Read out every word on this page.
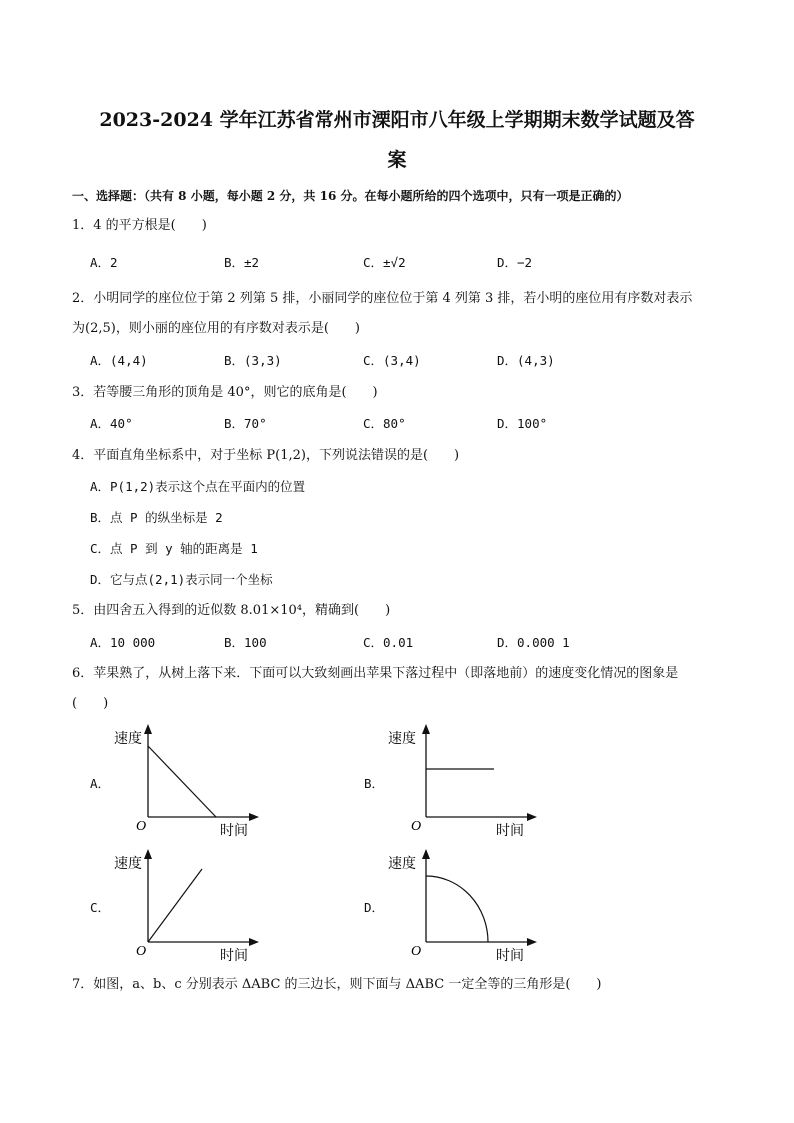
2023-2024 学年江苏省常州市溧阳市八年级上学期期末数学试题及答
案
一、选择题：（共有 8 小题，每小题 2 分，共 16 分。在每小题所给的四个选项中，只有一项是正确的）
1．4 的平方根是(　　)
A．2	B．±2	C．±√2	D．−2
2．小明同学的座位位于第 2 列第 5 排，小丽同学的座位位于第 4 列第 3 排，若小明的座位用有序数对表示
为(2,5)，则小丽的座位用的有序数对表示是(　　)
A．(4,4)	B．(3,3)	C．(3,4)	D．(4,3)
3．若等腰三角形的顶角是 40°，则它的底角是(　　)
A．40°	B．70°	C．80°	D．100°
4．平面直角坐标系中，对于坐标 P(1,2)，下列说法错误的是(　　)
A．P(1,2)表示这个点在平面内的位置
B．点 P 的纵坐标是 2
C．点 P 到 y 轴的距离是 1
D．它与点(2,1)表示同一个坐标
5．由四舍五入得到的近似数 8.01×10⁴，精确到(　　)
A．10 000	B．100	C．0.01	D．0.000 1
6．苹果熟了，从树上落下来．下面可以大致刻画出苹果下落过程中（即落地前）的速度变化情况的图象是
(　　)
A．
速度
时间
O
B．
速度
时间
O
C．
速度
时间
O
D．
速度
时间
O
7．如图，a、b、c 分别表示 ΔABC 的三边长，则下面与 ΔABC 一定全等的三角形是(　　)
